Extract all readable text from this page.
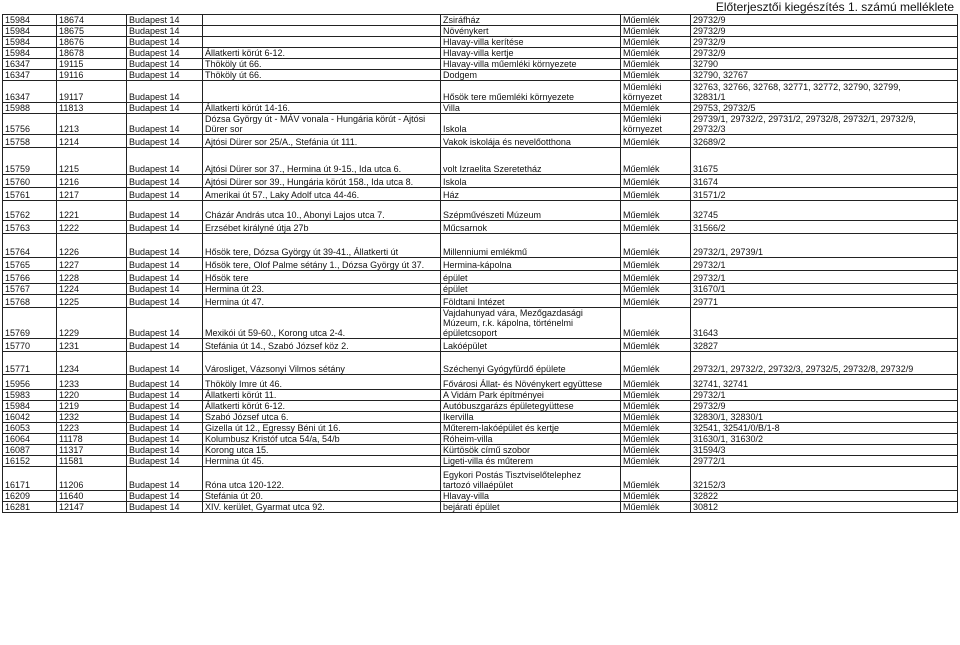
Előterjesztői kiegészítés 1. számú melléklete
15984	18674	Budapest 14		Zsiráfház	Műemlék	29732/9
15984	18675	Budapest 14		Növénykert	Műemlék	29732/9
15984	18676	Budapest 14		Hlavay-villa kerítése	Műemlék	29732/9
15984	18678	Budapest 14	Állatkerti körút 6-12.	Hlavay-villa kertje	Műemlék	29732/9
16347	19115	Budapest 14	Thököly út 66.	Hlavay-villa műemléki környezete	Műemlék	32790
16347	19116	Budapest 14	Thököly út 66.	Dodgem	Műemlék	32790, 32767
16347	19117	Budapest 14		Hősök tere műemléki környezete	Műemléki
környezet	32763, 32766, 32768, 32771, 32772, 32790, 32799,
32831/1
15988	11813	Budapest 14	Állatkerti körút 14-16.	Villa	Műemlék	29753, 29732/5
15756	1213	Budapest 14	Dózsa György út - MÁV vonala - Hungária körút - Ajtósi
Dürer sor	Iskola	Műemléki
környezet	29739/1, 29732/2, 29731/2, 29732/8, 29732/1, 29732/9,
29732/3
15758	1214	Budapest 14	Ajtósi Dürer sor 25/A., Stefánia út 111.	Vakok iskolája és nevelőotthona	Műemlék	32689/2
15759	1215	Budapest 14	Ajtósi Dürer sor 37., Hermina út 9-15., Ida utca 6.	volt Izraelita Szeretetház	Műemlék	31675
15760	1216	Budapest 14	Ajtósi Dürer sor 39., Hungária körút 158., Ida utca 8.	Iskola	Műemlék	31674
15761	1217	Budapest 14	Amerikai út 57., Laky Adolf utca 44-46.	Ház	Műemlék	31571/2
15762	1221	Budapest 14	Cházár András utca 10., Abonyi Lajos utca 7.	Szépművészeti Múzeum	Műemlék	32745
15763	1222	Budapest 14	Erzsébet királyné útja 27b	Műcsarnok	Műemlék	31566/2
15764	1226	Budapest 14	Hősök tere, Dózsa György út 39-41., Állatkerti út	Millenniumi emlékmű	Műemlék	29732/1, 29739/1
15765	1227	Budapest 14	Hősök tere, Olof Palme sétány 1., Dózsa György út 37.	Hermina-kápolna	Műemlék	29732/1
15766	1228	Budapest 14	Hősök tere	épület	Műemlék	29732/1
15767	1224	Budapest 14	Hermina út 23.	épület	Műemlék	31670/1
15768	1225	Budapest 14	Hermina út 47.	Földtani Intézet	Műemlék	29771
15769	1229	Budapest 14	Mexikói út 59-60., Korong utca 2-4.	Vajdahunyad vára, Mezőgazdasági
Múzeum, r.k. kápolna, történelmi
épületcsoport	Műemlék	31643
15770	1231	Budapest 14	Stefánia út 14., Szabó József köz 2.	Lakóépület	Műemlék	32827
15771	1234	Budapest 14	Városliget, Vázsonyi Vilmos sétány	Széchenyi Gyógyfürdő épülete	Műemlék	29732/1, 29732/2, 29732/3, 29732/5, 29732/8, 29732/9
15956	1233	Budapest 14	Thököly Imre út 46.	Fővárosi Állat- és Növénykert együttese	Műemlék	32741, 32741
15983	1220	Budapest 14	Állatkerti körút 11.	A Vidám Park építményei	Műemlék	29732/1
15984	1219	Budapest 14	Állatkerti körút 6-12.	Autóbuszgarázs épületegyüttese	Műemlék	29732/9
16042	1232	Budapest 14	Szabó József utca 6.	Ikervilla	Műemlék	32830/1, 32830/1
16053	1223	Budapest 14	Gizella út 12., Egressy Béni út 16.	Műterem-lakóépület és kertje	Műemlék	32541, 32541/0/B/1-8
16064	11178	Budapest 14	Kolumbusz Kristóf utca 54/a, 54/b	Róheim-villa	Műemlék	31630/1, 31630/2
16087	11317	Budapest 14	Korong utca 15.	Kürtösök című szobor	Műemlék	31594/3
16152	11581	Budapest 14	Hermina út 45.	Ligeti-villa és műterem	Műemlék	29772/1
16171	11206	Budapest 14	Róna utca 120-122.	Egykori Postás Tisztviselőtelephez
tartozó villaépület	Műemlék	32152/3
16209	11640	Budapest 14	Stefánia út 20.	Hlavay-villa	Műemlék	32822
16281	12147	Budapest 14	XIV. kerület, Gyarmat utca 92.	bejárati épület	Műemlék	30812
